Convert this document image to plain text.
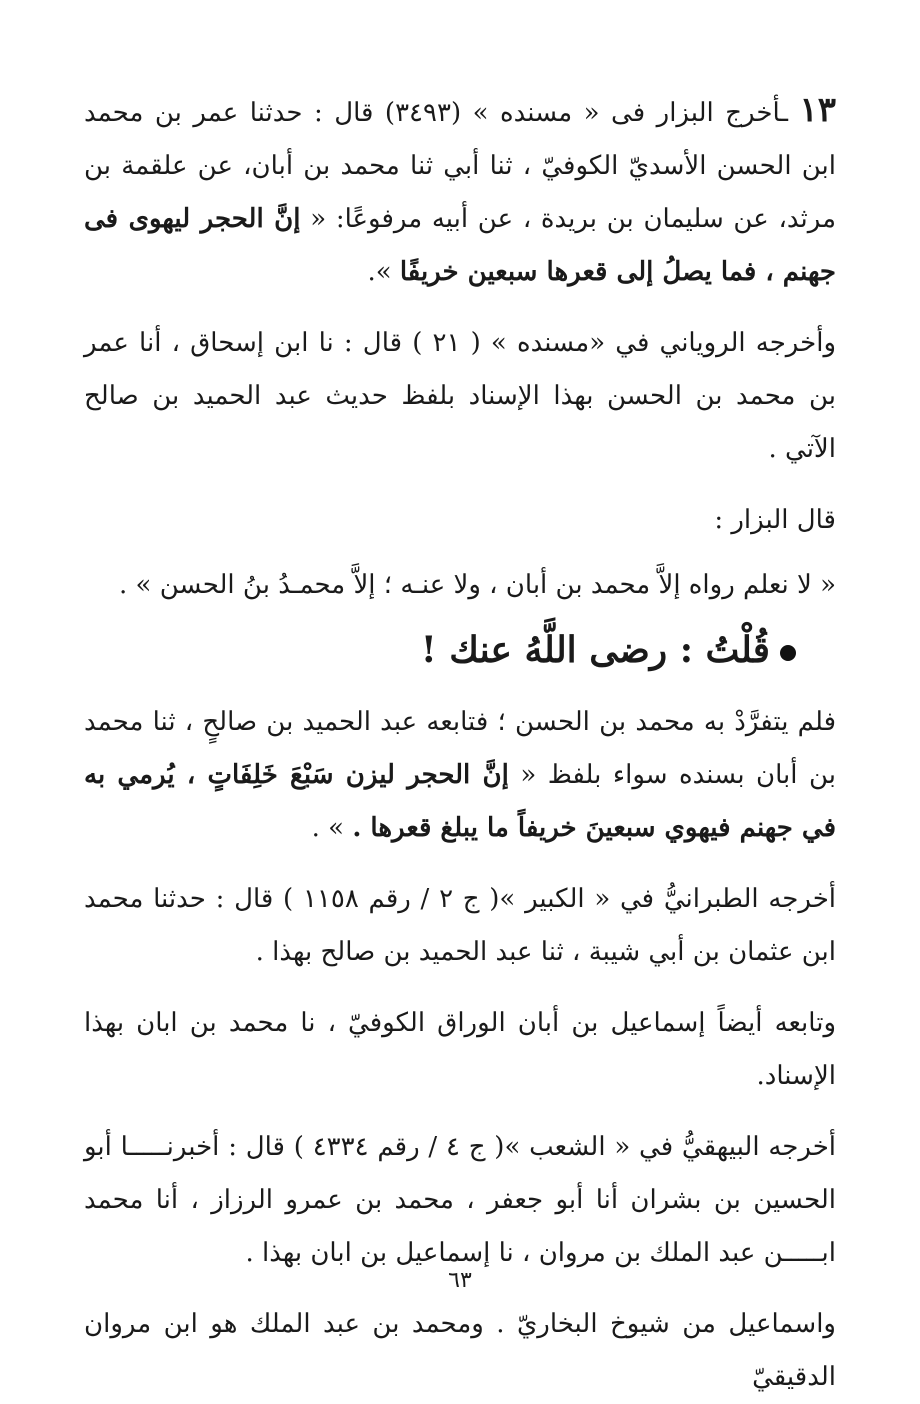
١٣ ـأخرج البزار فى « مسنده » (٣٤٩٣) قال : حدثنا عمر بن محمد ابن الحسن الأسديّ الكوفيّ ، ثنا أبي ثنا محمد بن أبان، عن علقمة بن مرثد، عن سليمان بن بريدة ، عن أبيه مرفوعًا: « إنَّ الحجر ليهوى فى جهنم ، فما يصلُ إلى قعرها سبعين خريفًا ».

وأخرجه الروياني في «مسنده » ( ٢١ ) قال : نا ابن إسحاق ، أنا عمر بن محمد بن الحسن بهذا الإسناد بلفظ حديث عبد الحميد بن صالح الآتي .

قال البزار :

« لا نعلم رواه إلاَّ محمد بن أبان ، ولا عنـه ؛ إلاَّ محمـدُ بنُ الحسن » .

قُلْتُ : رضى اللَّهُ عنك !

فلم يتفرَّدْ به محمد بن الحسن ؛ فتابعه عبد الحميد بن صالحٍ ، ثنا محمد بن أبان بسنده سواء بلفظ « إنَّ الحجر ليزن سَبْعَ خَلِفَاتٍ ، يُرمي به في جهنم فيهوي سبعينَ خريفاً ما يبلغ قعرها . » .

أخرجه الطبرانيُّ في « الكبير »( ج ٢ / رقم ١١٥٨ ) قال : حدثنا محمد ابن عثمان بن أبي شيبة ، ثنا عبد الحميد بن صالح بهذا .

وتابعه أيضاً إسماعيل بن أبان الوراق الكوفيّ ، نا محمد بن ابان بهذا الإسناد.

أخرجه البيهقيُّ في « الشعب »( ج ٤ / رقم ٤٣٣٤ ) قال : أخبرنـــــا أبو الحسين بن بشران أنا أبو جعفر ، محمد بن عمرو الرزاز ، أنا محمد ابـــــن عبد الملك بن مروان ، نا إسماعيل بن ابان بهذا .

واسماعيل من شيوخ البخاريّ . ومحمد بن عبد الملك هو ابن مروان الدقيقيّ

٦٣
